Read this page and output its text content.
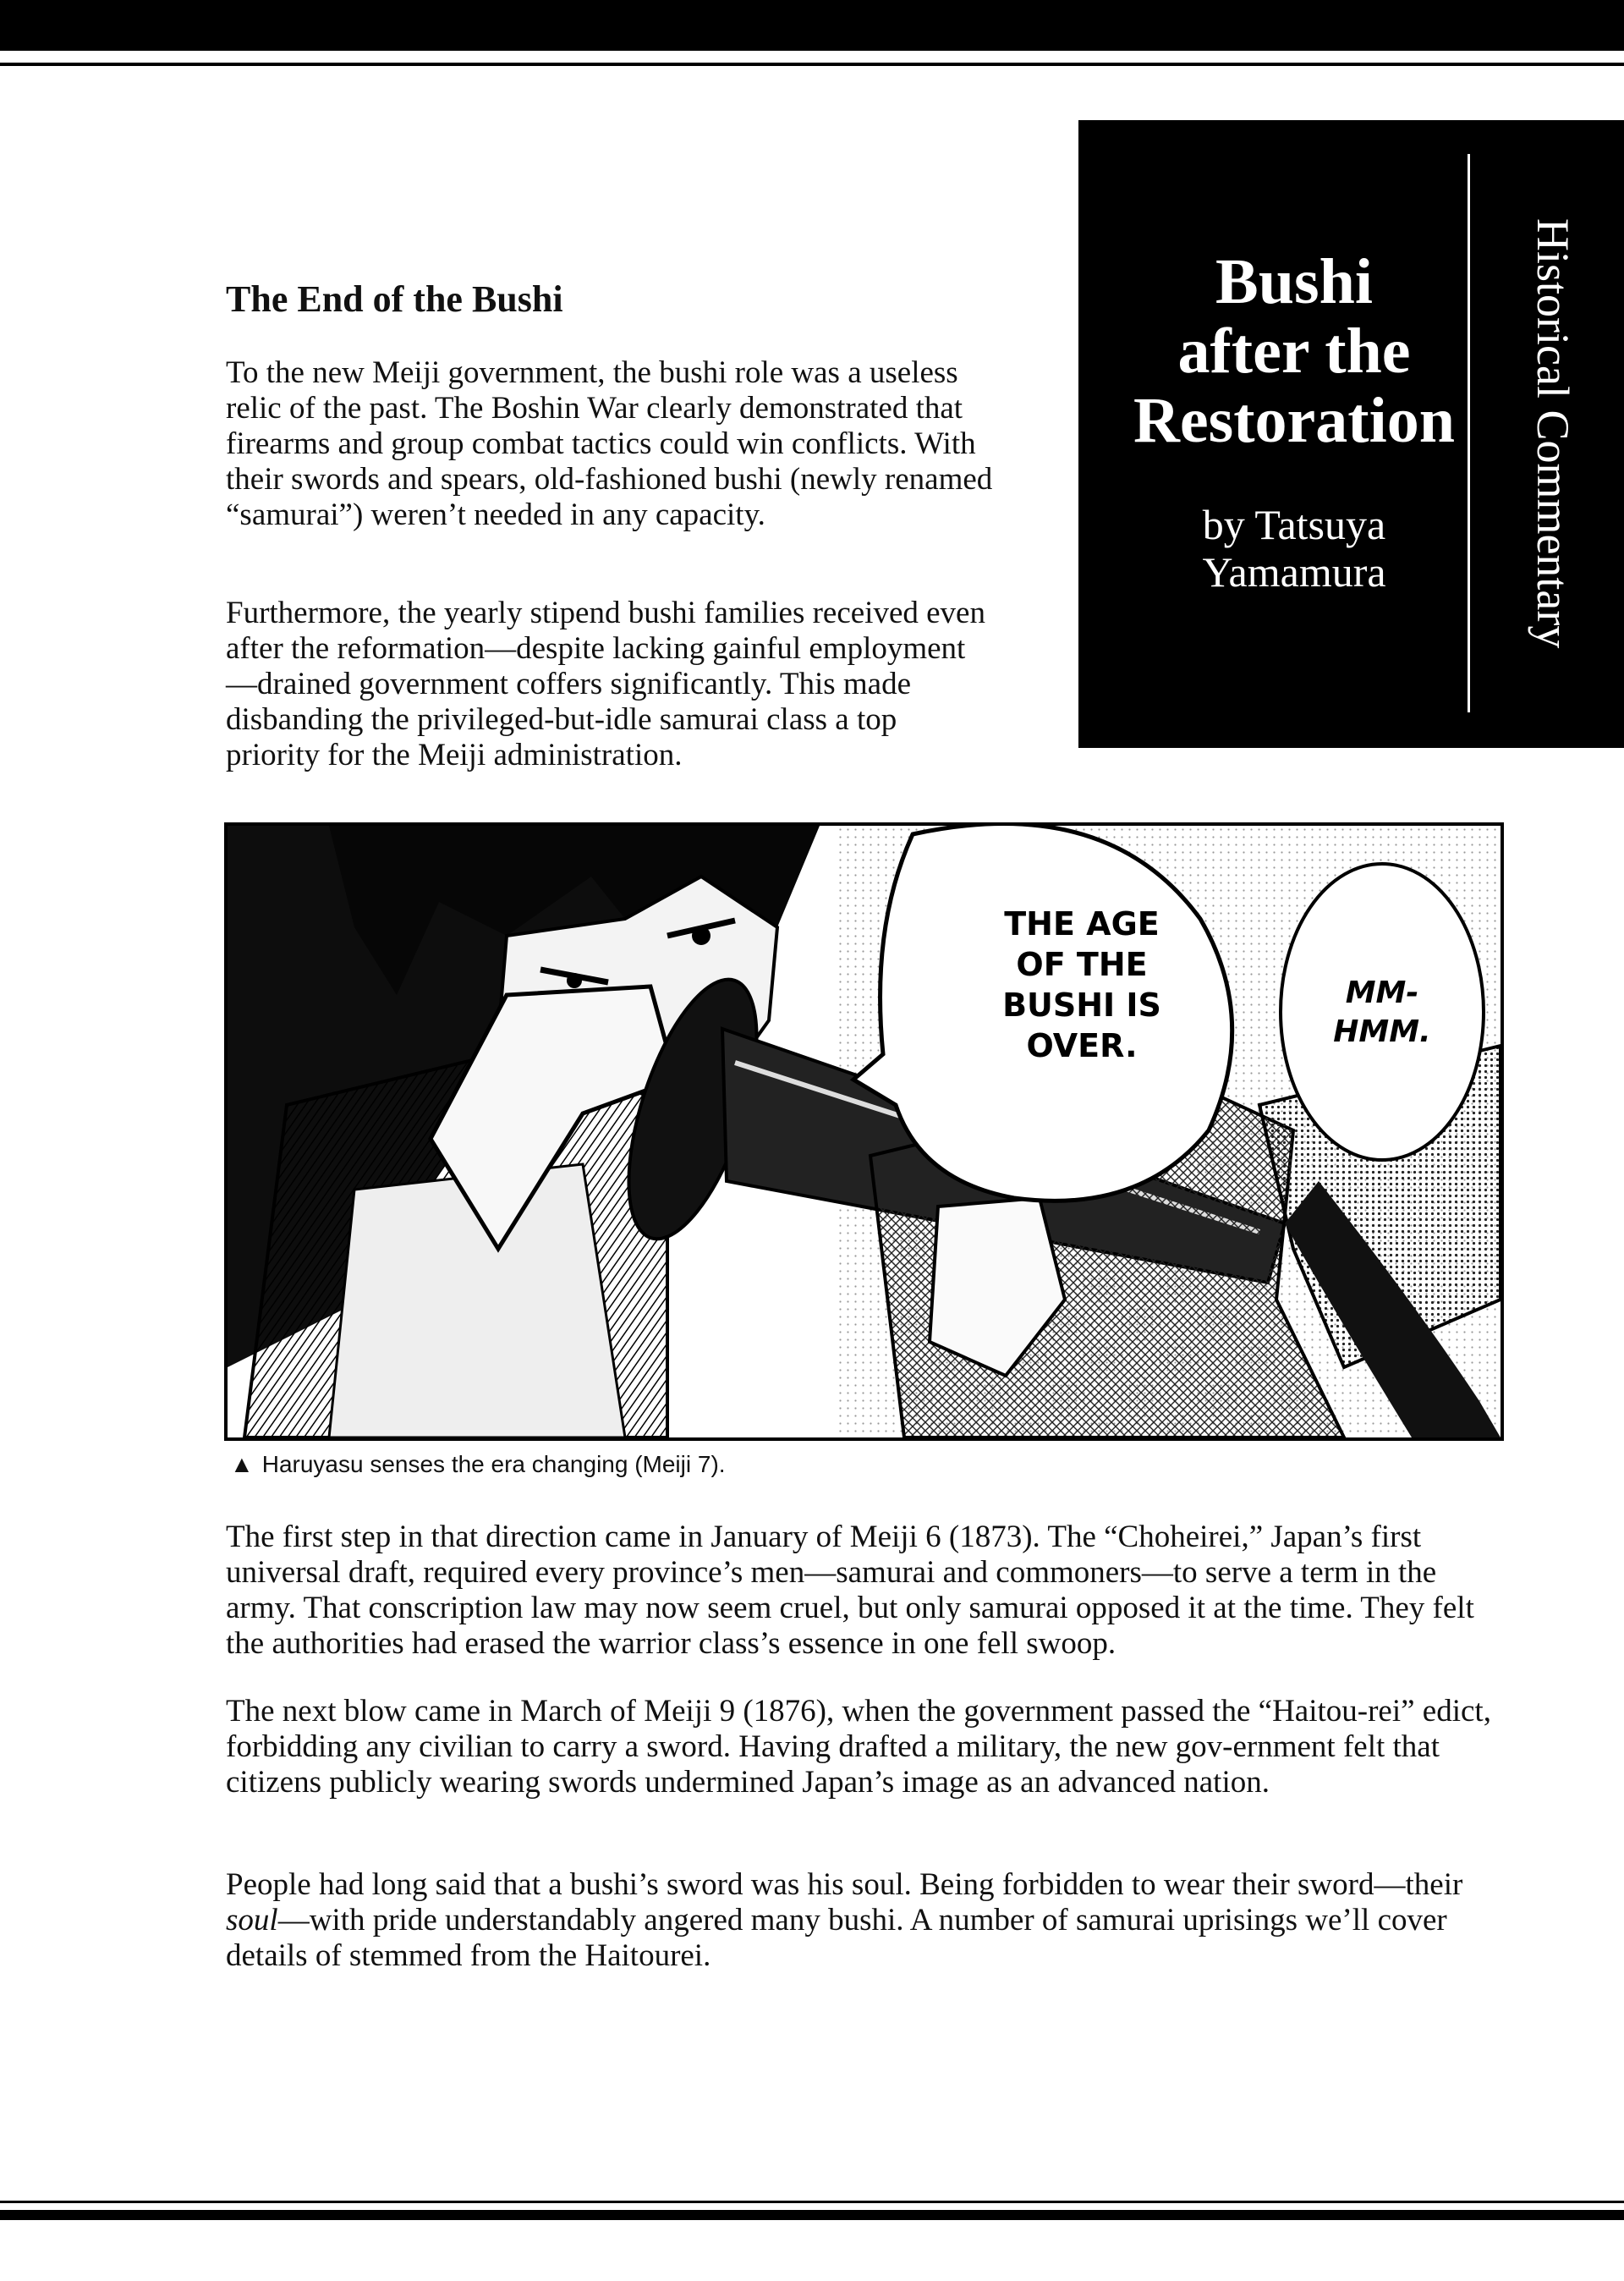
Bushi
after the
Restoration

by Tatsuya
Yamamura	Historical Commentary

The End of the Bushi

To the new Meiji government, the bushi role was a useless relic of the past. The Boshin War clearly demonstrated that firearms and group combat tactics could win conflicts. With their swords and spears, old-fashioned bushi (newly renamed “samurai”) weren’t needed in any capacity.

Furthermore, the yearly stipend bushi families received even after the reformation—despite lacking gainful employment—drained government coffers significantly. This made disbanding the privileged-but-idle samurai class a top priority for the Meiji administration.

THE AGE
OF THE
BUSHI IS
OVER.

MM-
HMM.

▲ Haruyasu senses the era changing (Meiji 7).

The first step in that direction came in January of Meiji 6 (1873). The “Choheirei,” Japan’s first universal draft, required every province’s men—samurai and commoners—to serve a term in the army. That conscription law may now seem cruel, but only samurai opposed it at the time. They felt the authorities had erased the warrior class’s essence in one fell swoop.

The next blow came in March of Meiji 9 (1876), when the government passed the “Haitou-rei” edict, forbidding any civilian to carry a sword. Having drafted a military, the new gov-ernment felt that citizens publicly wearing swords undermined Japan’s image as an advanced nation.

People had long said that a bushi’s sword was his soul. Being forbidden to wear their sword—their soul—with pride understandably angered many bushi. A number of samurai uprisings we’ll cover details of stemmed from the Haitourei.
